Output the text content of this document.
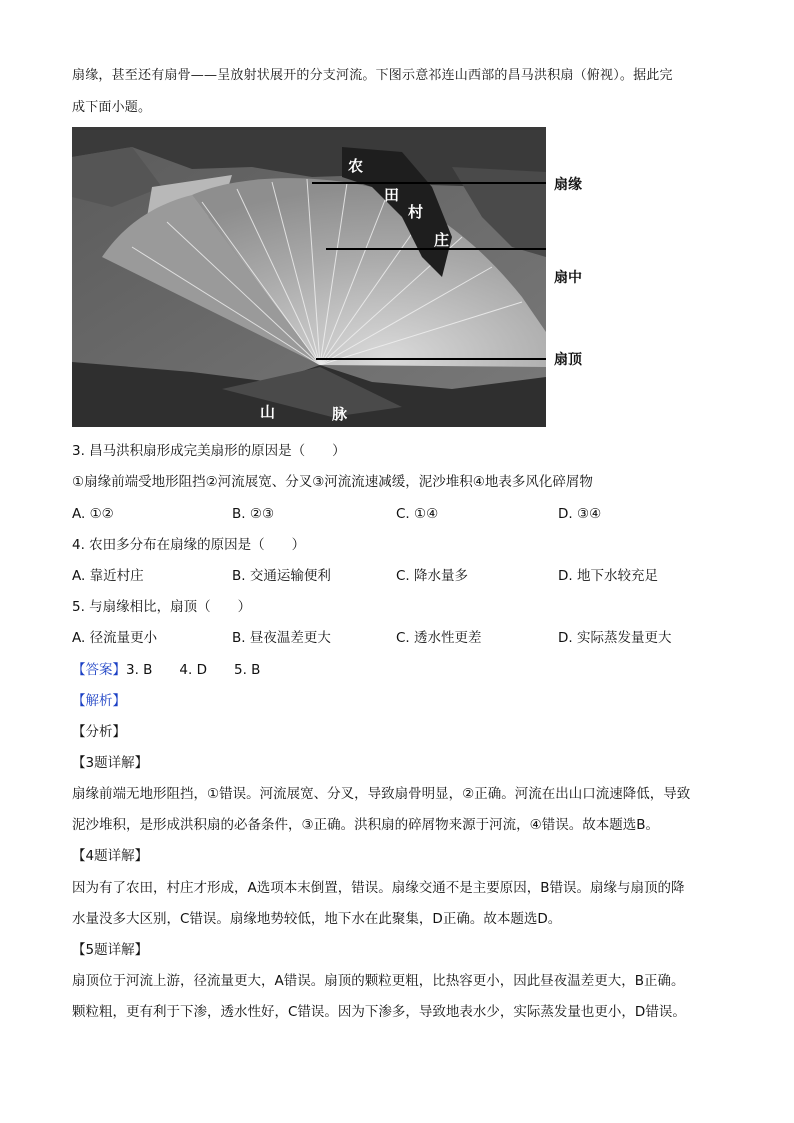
扇缘，甚至还有扇骨——呈放射状展开的分支河流。下图示意祁连山西部的昌马洪积扇（俯视）。据此完
成下面小题。
农
田
村
庄
山	脉
扇缘
扇中
扇顶
3. 昌马洪积扇形成完美扇形的原因是（　　）
①扇缘前端受地形阻挡②河流展宽、分叉③河流流速减缓，泥沙堆积④地表多风化碎屑物
A. ①②	B. ②③	C. ①④	D. ③④
4. 农田多分布在扇缘的原因是（　　）
A. 靠近村庄	B. 交通运输便利	C. 降水量多	D. 地下水较充足
5. 与扇缘相比，扇顶（　　）
A. 径流量更小	B. 昼夜温差更大	C. 透水性更差	D. 实际蒸发量更大
【答案】3. B　　4. D　　5. B
【解析】
【分析】
【3题详解】
扇缘前端无地形阻挡，①错误。河流展宽、分叉，导致扇骨明显，②正确。河流在出山口流速降低，导致
泥沙堆积，是形成洪积扇的必备条件，③正确。洪积扇的碎屑物来源于河流，④错误。故本题选B。
【4题详解】
因为有了农田，村庄才形成，A选项本末倒置，错误。扇缘交通不是主要原因，B错误。扇缘与扇顶的降
水量没多大区别，C错误。扇缘地势较低，地下水在此聚集，D正确。故本题选D。
【5题详解】
扇顶位于河流上游，径流量更大，A错误。扇顶的颗粒更粗，比热容更小，因此昼夜温差更大，B正确。
颗粒粗，更有利于下渗，透水性好，C错误。因为下渗多，导致地表水少，实际蒸发量也更小，D错误。
